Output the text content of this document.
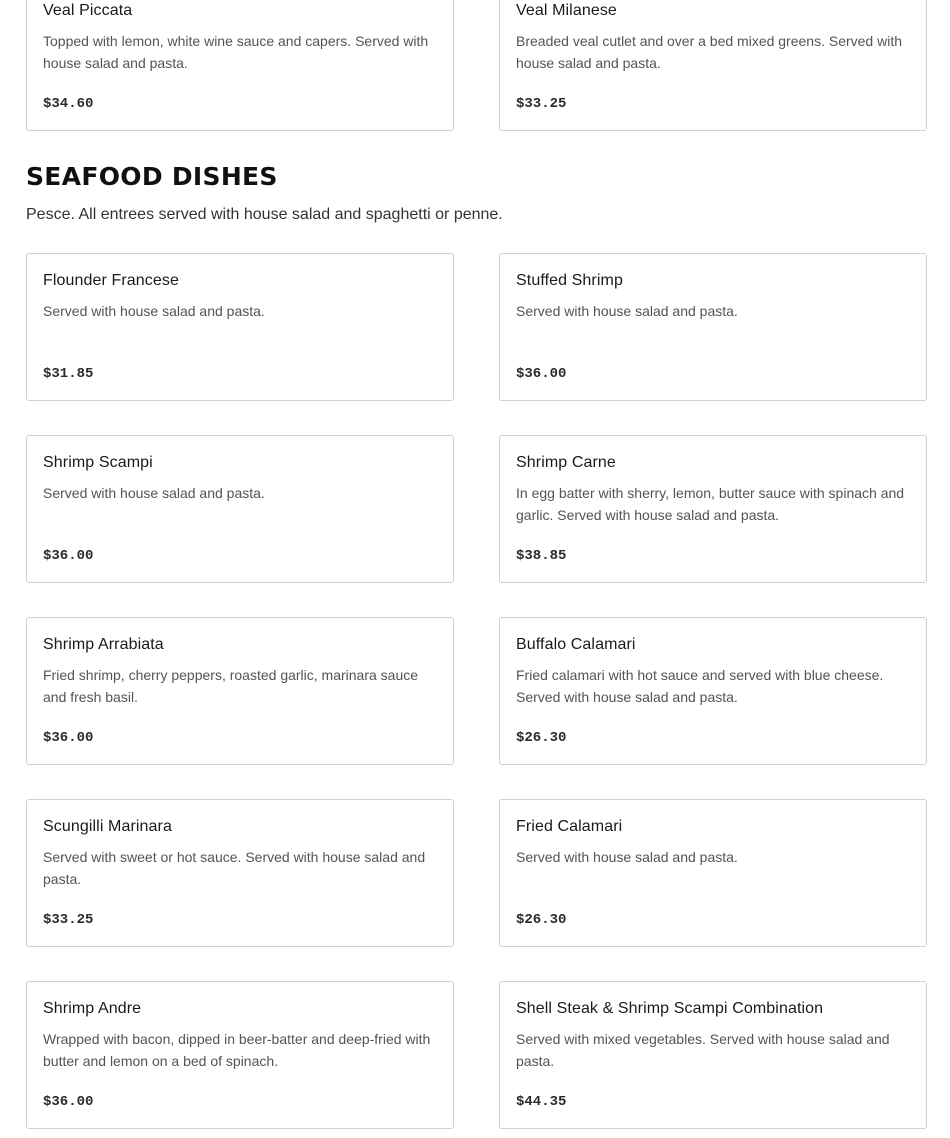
Veal Piccata
Topped with lemon, white wine sauce and capers. Served with house salad and pasta.
$34.60
Veal Milanese
Breaded veal cutlet and over a bed mixed greens. Served with house salad and pasta.
$33.25
SEAFOOD DISHES

Pesce. All entrees served with house salad and spaghetti or penne.

Flounder Francese
Served with house salad and pasta.
$31.85
Stuffed Shrimp
Served with house salad and pasta.
$36.00
Shrimp Scampi
Served with house salad and pasta.
$36.00
Shrimp Carne
In egg batter with sherry, lemon, butter sauce with spinach and garlic. Served with house salad and pasta.
$38.85
Shrimp Arrabiata
Fried shrimp, cherry peppers, roasted garlic, marinara sauce and fresh basil.
$36.00
Buffalo Calamari
Fried calamari with hot sauce and served with blue cheese. Served with house salad and pasta.
$26.30
Scungilli Marinara
Served with sweet or hot sauce. Served with house salad and pasta.
$33.25
Fried Calamari
Served with house salad and pasta.
$26.30
Shrimp Andre
Wrapped with bacon, dipped in beer-batter and deep-fried with butter and lemon on a bed of spinach.
$36.00
Shell Steak & Shrimp Scampi Combination
Served with mixed vegetables. Served with house salad and pasta.
$44.35
